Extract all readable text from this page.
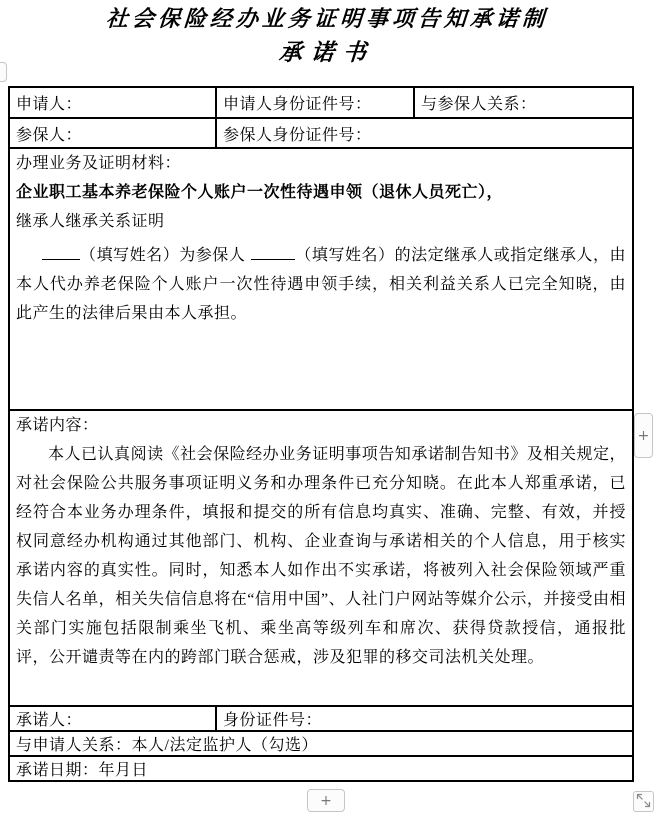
社会保险经办业务证明事项告知承诺制
承诺书
申请人：	申请人身份证件号：	与参保人关系：
参保人：	参保人身份证件号：	

办理业务及证明材料：
企业职工基本养老保险个人账户一次性待遇申领（退休人员死亡），
继承人继承关系证明

（填写姓名）为参保人 （填写姓名）的法定继承人或指定继承人，由本人代办养老保险个人账户一次性待遇申领手续，相关利益关系人已完全知晓，由此产生的法律后果由本人承担。		

承诺内容：

本人已认真阅读《社会保险经办业务证明事项告知承诺制告知书》及相关规定，对社会保险公共服务事项证明义务和办理条件已充分知晓。在此本人郑重承诺，已经符合本业务办理条件，填报和提交的所有信息均真实、准确、完整、有效，并授权同意经办机构通过其他部门、机构、企业查询与承诺相关的个人信息，用于核实承诺内容的真实性。同时，知悉本人如作出不实承诺，将被列入社会保险领域严重失信人名单，相关失信信息将在“信用中国”、人社门户网站等媒介公示，并接受由相关部门实施包括限制乘坐飞机、乘坐高等级列车和席次、获得贷款授信，通报批评，公开谴责等在内的跨部门联合惩戒，涉及犯罪的移交司法机关处理。		

承诺人：	身份证件号：	
与申请人关系：本人/法定监护人（勾选）		
承诺日期：年月日		
+
+
